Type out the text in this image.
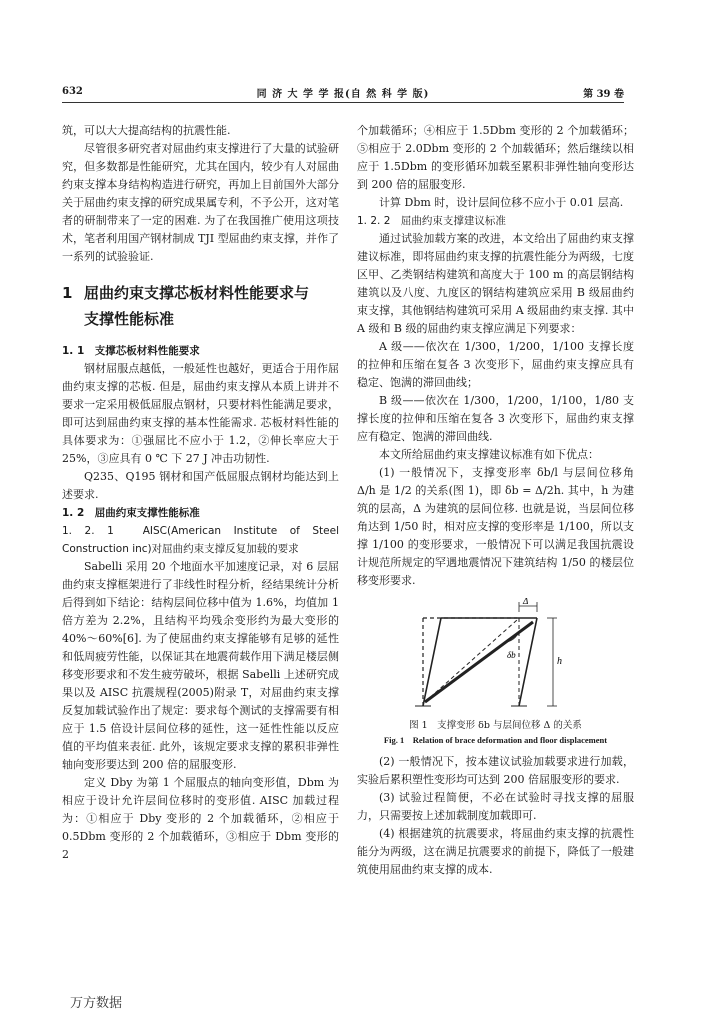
632	同 济 大 学 学 报(自 然 科 学 版)	第 39 卷

筑，可以大大提高结构的抗震性能.

尽管很多研究者对屈曲约束支撑进行了大量的试验研究，但多数都是性能研究，尤其在国内，较少有人对屈曲约束支撑本身结构构造进行研究，再加上目前国外大部分关于屈曲约束支撑的研究成果属专利，不予公开，这对笔者的研制带来了一定的困难. 为了在我国推广使用这项技术，笔者利用国产钢材制成 TJI 型屈曲约束支撑，并作了一系列的试验验证.

1 屈曲约束支撑芯板材料性能要求与
支撑性能标准

1. 1　支撑芯板材料性能要求

钢材屈服点越低，一般延性也越好，更适合于用作屈曲约束支撑的芯板. 但是，屈曲约束支撑从本质上讲并不要求一定采用极低屈服点钢材，只要材料性能满足要求，即可达到屈曲约束支撑的基本性能需求. 芯板材料性能的具体要求为：①强屈比不应小于 1.2，②伸长率应大于 25%，③应具有 0 ℃ 下 27 J 冲击功韧性.

Q235、Q195 钢材和国产低屈服点钢材均能达到上述要求.

1. 2　屈曲约束支撑性能标准

1. 2. 1　AISC(American Institute of Steel Construction inc)对屈曲约束支撑反复加载的要求

Sabelli 采用 20 个地面水平加速度记录，对 6 层屈曲约束支撑框架进行了非线性时程分析，经结果统计分析后得到如下结论：结构层间位移中值为 1.6%，均值加 1 倍方差为 2.2%，且结构平均残余变形约为最大变形的 40%～60%[6]. 为了使屈曲约束支撑能够有足够的延性和低周疲劳性能，以保证其在地震荷载作用下满足楼层侧移变形要求和不发生疲劳破坏，根据 Sabelli 上述研究成果以及 AISC 抗震规程(2005)附录 T，对屈曲约束支撑反复加载试验作出了规定：要求每个测试的支撑需要有相应于 1.5 倍设计层间位移的延性，这一延性性能以反应值的平均值来表征. 此外，该规定要求支撑的累积非弹性轴向变形要达到 200 倍的屈服变形.

定义 Dby 为第 1 个屈服点的轴向变形值，Dbm 为相应于设计允许层间位移时的变形值. AISC 加载过程为：①相应于 Dby 变形的 2 个加载循环，②相应于 0.5Dbm 变形的 2 个加载循环，③相应于 Dbm 变形的 2

个加载循环；④相应于 1.5Dbm 变形的 2 个加载循环；⑤相应于 2.0Dbm 变形的 2 个加载循环；然后继续以相应于 1.5Dbm 的变形循环加载至累积非弹性轴向变形达到 200 倍的屈服变形.

计算 Dbm 时，设计层间位移不应小于 0.01 层高.

1. 2. 2　屈曲约束支撑建议标准

通过试验加载方案的改进，本文给出了屈曲约束支撑建议标准，即将屈曲约束支撑的抗震性能分为两级，七度区甲、乙类钢结构建筑和高度大于 100 m 的高层钢结构建筑以及八度、九度区的钢结构建筑应采用 B 级屈曲约束支撑，其他钢结构建筑可采用 A 级屈曲约束支撑. 其中 A 级和 B 级的屈曲约束支撑应满足下列要求：

A 级——依次在 1/300，1/200，1/100 支撑长度的拉伸和压缩在复各 3 次变形下，屈曲约束支撑应具有稳定、饱满的滞回曲线；

B 级——依次在 1/300，1/200，1/100，1/80 支撑长度的拉伸和压缩在复各 3 次变形下，屈曲约束支撑应有稳定、饱满的滞回曲线.

本文所给屈曲约束支撑建议标准有如下优点：

(1) 一般情况下，支撑变形率 δb/l 与层间位移角 Δ/h 是 1/2 的关系(图 1)，即 δb = Δ/2h. 其中，h 为建筑的层高，Δ 为建筑的层间位移. 也就是说，当层间位移角达到 1/50 时，相对应支撑的变形率是 1/100，所以支撑 1/100 的变形要求，一般情况下可以满足我国抗震设计规范所规定的罕遇地震情况下建筑结构 1/50 的楼层位移变形要求.

Δ
h
δb

图 1　支撑变形 δb 与层间位移 Δ 的关系

Fig. 1　Relation of brace deformation and floor displacement

(2) 一般情况下，按本建议试验加载要求进行加载，实验后累积塑性变形均可达到 200 倍屈服变形的要求.

(3) 试验过程简便，不必在试验时寻找支撑的屈服力，只需要按上述加载制度加载即可.

(4) 根据建筑的抗震要求，将屈曲约束支撑的抗震性能分为两级，这在满足抗震要求的前提下，降低了一般建筑使用屈曲约束支撑的成本.

万方数据
